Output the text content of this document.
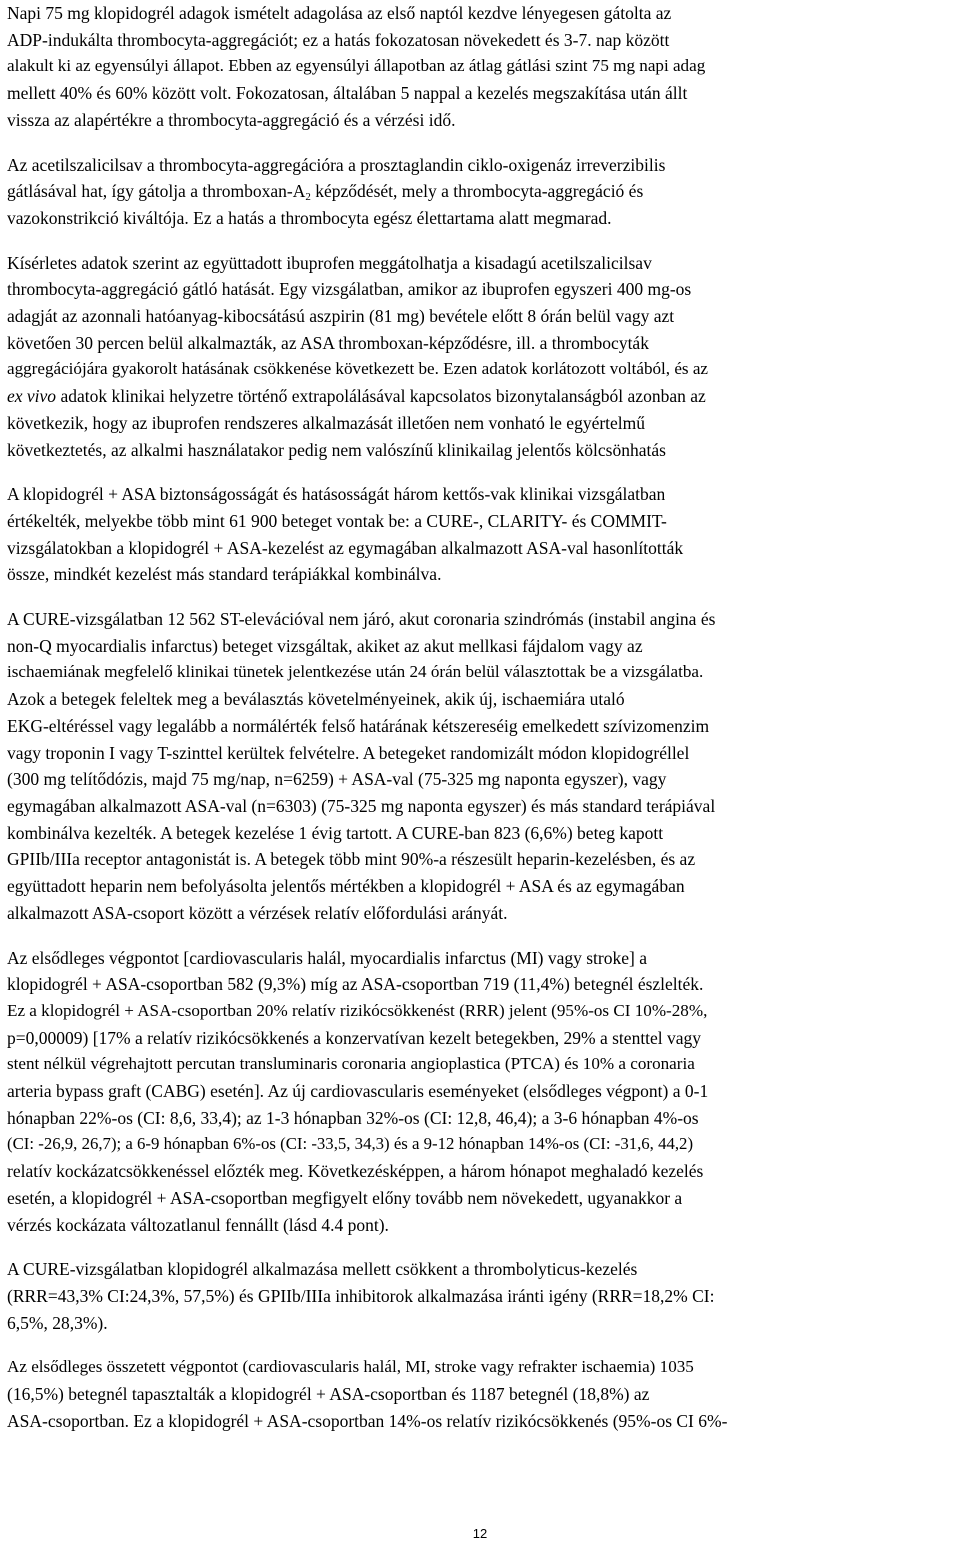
Napi 75 mg klopidogrél adagok ismételt adagolása az első naptól kezdve lényegesen gátolta az
ADP-indukálta thrombocyta-aggregációt; ez a hatás fokozatosan növekedett és 3-7. nap között
alakult ki az egyensúlyi állapot. Ebben az egyensúlyi állapotban az átlag gátlási szint 75 mg napi adag
mellett 40% és 60% között volt. Fokozatosan, általában 5 nappal a kezelés megszakítása után állt
vissza az alapértékre a thrombocyta-aggregáció és a vérzési idő.

Az acetilszalicilsav a thrombocyta-aggregációra a prosztaglandin ciklo-oxigenáz irreverzibilis
gátlásával hat, így gátolja a thromboxan-$A_2$ képződését, mely a thrombocyta-aggregáció és
vazokonstrikció kiváltója. Ez a hatás a thrombocyta egész élettartama alatt megmarad.

Kísérletes adatok szerint az együttadott ibuprofen meggátolhatja a kisadagú acetilszalicilsav
thrombocyta-aggregáció gátló hatását. Egy vizsgálatban, amikor az ibuprofen egyszeri 400 mg-os
adagját az azonnali hatóanyag-kibocsátású aszpirin (81 mg) bevétele előtt 8 órán belül vagy azt
követően 30 percen belül alkalmazták, az ASA thromboxan-képződésre, ill. a thrombocyták
aggregációjára gyakorolt hatásának csökkenése következett be. Ezen adatok korlátozott voltából, és az
ex vivo adatok klinikai helyzetre történő extrapolálásával kapcsolatos bizonytalanságból azonban az
következik, hogy az ibuprofen rendszeres alkalmazását illetően nem vonható le egyértelmű
következtetés, az alkalmi használatakor pedig nem valószínű klinikailag jelentős kölcsönhatás

A klopidogrél + ASA biztonságosságát és hatásosságát három kettős-vak klinikai vizsgálatban
értékelték, melyekbe több mint 61 900 beteget vontak be: a CURE-, CLARITY- és COMMIT-
vizsgálatokban a klopidogrél + ASA-kezelést az egymagában alkalmazott ASA-val hasonlították
össze, mindkét kezelést más standard terápiákkal kombinálva.

A CURE-vizsgálatban 12 562 ST-elevációval nem járó, akut coronaria szindrómás (instabil angina és
non-Q myocardialis infarctus) beteget vizsgáltak, akiket az akut mellkasi fájdalom vagy az
ischaemiának megfelelő klinikai tünetek jelentkezése után 24 órán belül választottak be a vizsgálatba.
Azok a betegek feleltek meg a beválasztás követelményeinek, akik új, ischaemiára utaló
EKG-eltéréssel vagy legalább a normálérték felső határának kétszereséig emelkedett szívizomenzim
vagy troponin I vagy T-szinttel kerültek felvételre. A betegeket randomizált módon klopidogréllel
(300 mg telítődózis, majd 75 mg/nap, n=6259) + ASA-val (75-325 mg naponta egyszer), vagy
egymagában alkalmazott ASA-val (n=6303) (75-325 mg naponta egyszer) és más standard terápiával
kombinálva kezelték. A betegek kezelése 1 évig tartott. A CURE-ban 823 (6,6%) beteg kapott
GPIIb/IIIa receptor antagonistát is. A betegek több mint 90%-a részesült heparin-kezelésben, és az
együttadott heparin nem befolyásolta jelentős mértékben a klopidogrél + ASA és az egymagában
alkalmazott ASA-csoport között a vérzések relatív előfordulási arányát.

Az elsődleges végpontot [cardiovascularis halál, myocardialis infarctus (MI) vagy stroke] a
klopidogrél + ASA-csoportban 582 (9,3%) míg az ASA-csoportban 719 (11,4%) betegnél észlelték.
Ez a klopidogrél + ASA-csoportban 20% relatív rizikócsökkenést (RRR) jelent (95%-os CI 10%-28%,
p=0,00009) [17% a relatív rizikócsökkenés a konzervatívan kezelt betegekben, 29% a stenttel vagy
stent nélkül végrehajtott percutan transluminaris coronaria angioplastica (PTCA) és 10% a coronaria
arteria bypass graft (CABG) esetén]. Az új cardiovascularis eseményeket (elsődleges végpont) a 0-1
hónapban 22%-os (CI: 8,6, 33,4); az 1-3 hónapban 32%-os (CI: 12,8, 46,4); a 3-6 hónapban 4%-os
(CI: -26,9, 26,7); a 6-9 hónapban 6%-os (CI: -33,5, 34,3) és a 9-12 hónapban 14%-os (CI: -31,6, 44,2)
relatív kockázatcsökkenéssel előzték meg. Következésképpen, a három hónapot meghaladó kezelés
esetén, a klopidogrél + ASA-csoportban megfigyelt előny tovább nem növekedett, ugyanakkor a
vérzés kockázata változatlanul fennállt (lásd 4.4 pont).

A CURE-vizsgálatban klopidogrél alkalmazása mellett csökkent a thrombolyticus-kezelés
(RRR=43,3% CI:24,3%, 57,5%) és GPIIb/IIIa inhibitorok alkalmazása iránti igény (RRR=18,2% CI:
6,5%, 28,3%).

Az elsődleges összetett végpontot (cardiovascularis halál, MI, stroke vagy refrakter ischaemia) 1035
(16,5%) betegnél tapasztalták a klopidogrél + ASA-csoportban és 1187 betegnél (18,8%) az
ASA-csoportban. Ez a klopidogrél + ASA-csoportban 14%-os relatív rizikócsökkenés (95%-os CI 6%-

12
